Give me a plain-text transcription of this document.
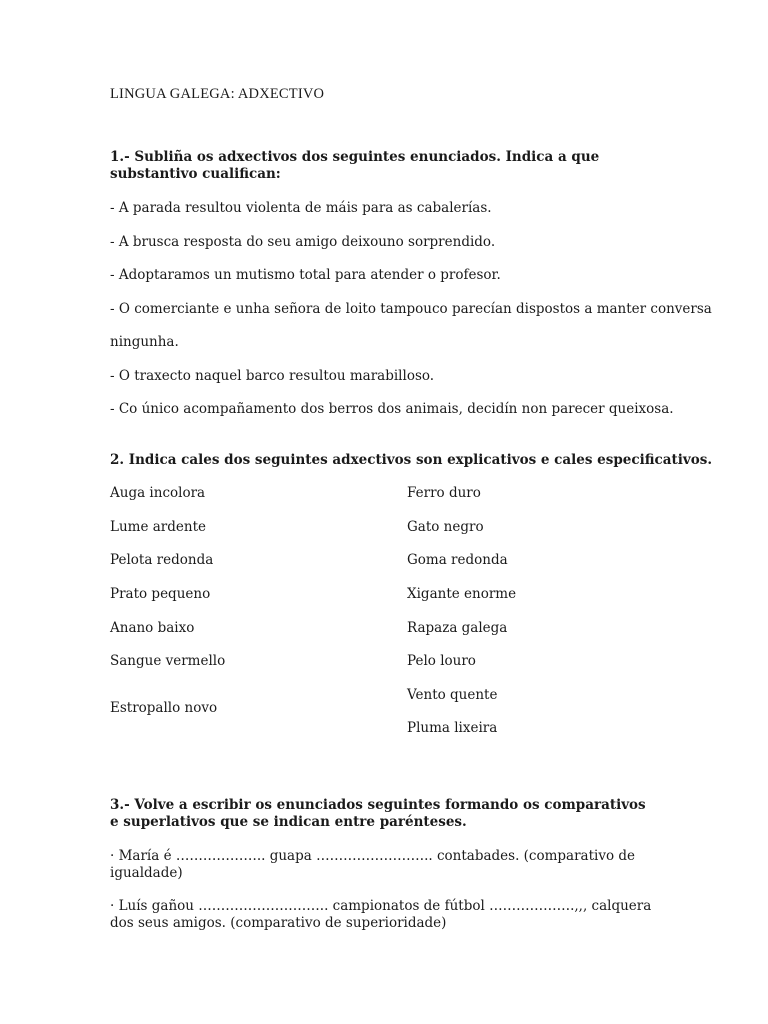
LINGUA GALEGA: ADXECTIVO
1.- Subliña os adxectivos dos seguintes enunciados. Indica a que substantivo cualifican:
- A parada resultou violenta de máis para as cabalerías.
- A brusca resposta do seu amigo deixouno sorprendido.
- Adoptaramos un mutismo total para atender o profesor.
- O comerciante e unha señora de loito tampouco parecían dispostos a manter conversa
ningunha.
- O traxecto naquel barco resultou marabilloso.
- Co único acompañamento dos berros dos animais, decidín non parecer queixosa.
2. Indica cales dos seguintes adxectivos son explicativos e cales especificativos.
Auga incolora
Lume ardente
Pelota redonda
Prato pequeno
Anano baixo
Sangue vermello
Estropallo novo
Ferro duro
Gato negro
Goma redonda
Xigante enorme
Rapaza galega
Pelo louro
Vento quente
Pluma lixeira
3.- Volve a escribir os enunciados seguintes formando os comparativos e superlativos que se indican entre parénteses.
· María é ……………….. guapa …………………….. contabades. (comparativo de igualdade)
· Luís gañou ……………………….. campionatos de fútbol ……………….,,, calquera dos seus amigos. (comparativo de superioridade)
